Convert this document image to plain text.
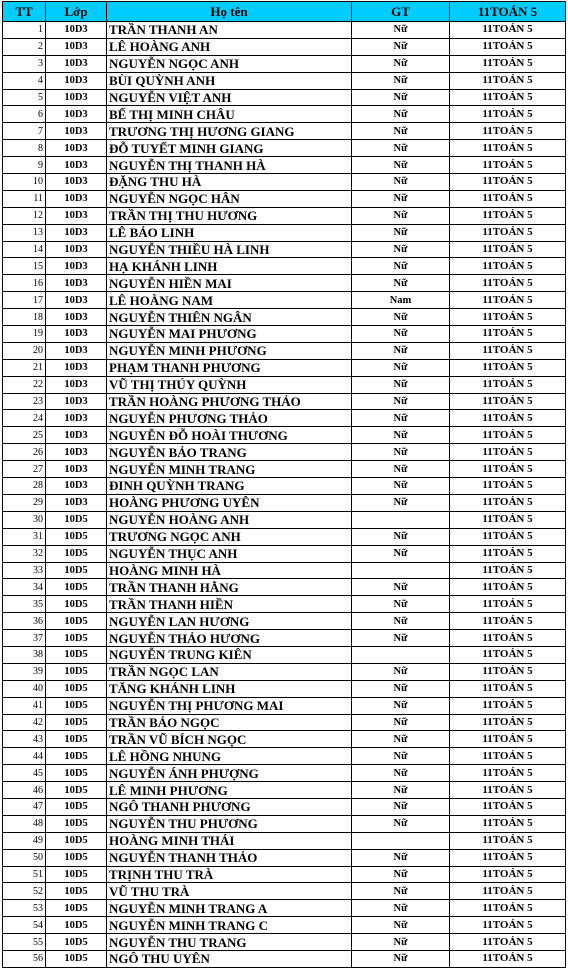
TT	Lớp	Họ tên	GT	11TOÁN 5
1	10D3	TRẦN THANH AN	Nữ	11TOÁN 5
2	10D3	LÊ HOÀNG ANH	Nữ	11TOÁN 5
3	10D3	NGUYỄN NGỌC ANH	Nữ	11TOÁN 5
4	10D3	BÙI QUỲNH ANH	Nữ	11TOÁN 5
5	10D3	NGUYỄN VIỆT ANH	Nữ	11TOÁN 5
6	10D3	BẾ THỊ MINH CHÂU	Nữ	11TOÁN 5
7	10D3	TRƯƠNG THỊ HƯƠNG GIANG	Nữ	11TOÁN 5
8	10D3	ĐỖ TUYẾT MINH GIANG	Nữ	11TOÁN 5
9	10D3	NGUYỄN THỊ THANH HÀ	Nữ	11TOÁN 5
10	10D3	ĐẶNG THU HÀ	Nữ	11TOÁN 5
11	10D3	NGUYỄN NGỌC HÂN	Nữ	11TOÁN 5
12	10D3	TRẦN THỊ THU HƯƠNG	Nữ	11TOÁN 5
13	10D3	LÊ BẢO LINH	Nữ	11TOÁN 5
14	10D3	NGUYỄN THIỀU HÀ LINH	Nữ	11TOÁN 5
15	10D3	HẠ KHÁNH LINH	Nữ	11TOÁN 5
16	10D3	NGUYỄN HIỀN MAI	Nữ	11TOÁN 5
17	10D3	LÊ HOÀNG NAM	Nam	11TOÁN 5
18	10D3	NGUYỄN THIÊN NGÂN	Nữ	11TOÁN 5
19	10D3	NGUYỄN MAI PHƯƠNG	Nữ	11TOÁN 5
20	10D3	NGUYỄN MINH PHƯƠNG	Nữ	11TOÁN 5
21	10D3	PHẠM THANH PHƯƠNG	Nữ	11TOÁN 5
22	10D3	VŨ THỊ THÚY QUỲNH	Nữ	11TOÁN 5
23	10D3	TRẦN HOÀNG PHƯƠNG THẢO	Nữ	11TOÁN 5
24	10D3	NGUYỄN PHƯƠNG THẢO	Nữ	11TOÁN 5
25	10D3	NGUYỄN ĐỖ HOÀI THƯƠNG	Nữ	11TOÁN 5
26	10D3	NGUYỄN BẢO TRANG	Nữ	11TOÁN 5
27	10D3	NGUYỄN MINH TRANG	Nữ	11TOÁN 5
28	10D3	ĐINH QUỲNH TRANG	Nữ	11TOÁN 5
29	10D3	HOÀNG PHƯƠNG UYÊN	Nữ	11TOÁN 5
30	10D5	NGUYỄN HOÀNG ANH		11TOÁN 5
31	10D5	TRƯƠNG NGỌC ANH	Nữ	11TOÁN 5
32	10D5	NGUYỄN THỤC ANH	Nữ	11TOÁN 5
33	10D5	HOÀNG MINH HÀ		11TOÁN 5
34	10D5	TRẦN THANH HẰNG	Nữ	11TOÁN 5
35	10D5	TRẦN THANH HIỀN	Nữ	11TOÁN 5
36	10D5	NGUYỄN LAN HƯƠNG	Nữ	11TOÁN 5
37	10D5	NGUYỄN THẢO HƯƠNG	Nữ	11TOÁN 5
38	10D5	NGUYỄN TRUNG KIÊN		11TOÁN 5
39	10D5	TRẦN NGỌC LAN	Nữ	11TOÁN 5
40	10D5	TĂNG KHÁNH LINH	Nữ	11TOÁN 5
41	10D5	NGUYỄN THỊ PHƯƠNG MAI	Nữ	11TOÁN 5
42	10D5	TRẦN BẢO NGỌC	Nữ	11TOÁN 5
43	10D5	TRẦN VŨ BÍCH NGỌC	Nữ	11TOÁN 5
44	10D5	LÊ HỒNG NHUNG	Nữ	11TOÁN 5
45	10D5	NGUYỄN ÁNH PHƯỢNG	Nữ	11TOÁN 5
46	10D5	LÊ MINH PHƯƠNG	Nữ	11TOÁN 5
47	10D5	NGÔ THANH PHƯƠNG	Nữ	11TOÁN 5
48	10D5	NGUYỄN THU PHƯƠNG	Nữ	11TOÁN 5
49	10D5	HOÀNG MINH THÁI		11TOÁN 5
50	10D5	NGUYỄN THANH THẢO	Nữ	11TOÁN 5
51	10D5	TRỊNH THU TRÀ	Nữ	11TOÁN 5
52	10D5	VŨ THU TRÀ	Nữ	11TOÁN 5
53	10D5	NGUYỄN MINH TRANG A	Nữ	11TOÁN 5
54	10D5	NGUYỄN MINH TRANG C	Nữ	11TOÁN 5
55	10D5	NGUYỄN THU TRANG	Nữ	11TOÁN 5
56	10D5	NGÔ THU UYÊN	Nữ	11TOÁN 5
